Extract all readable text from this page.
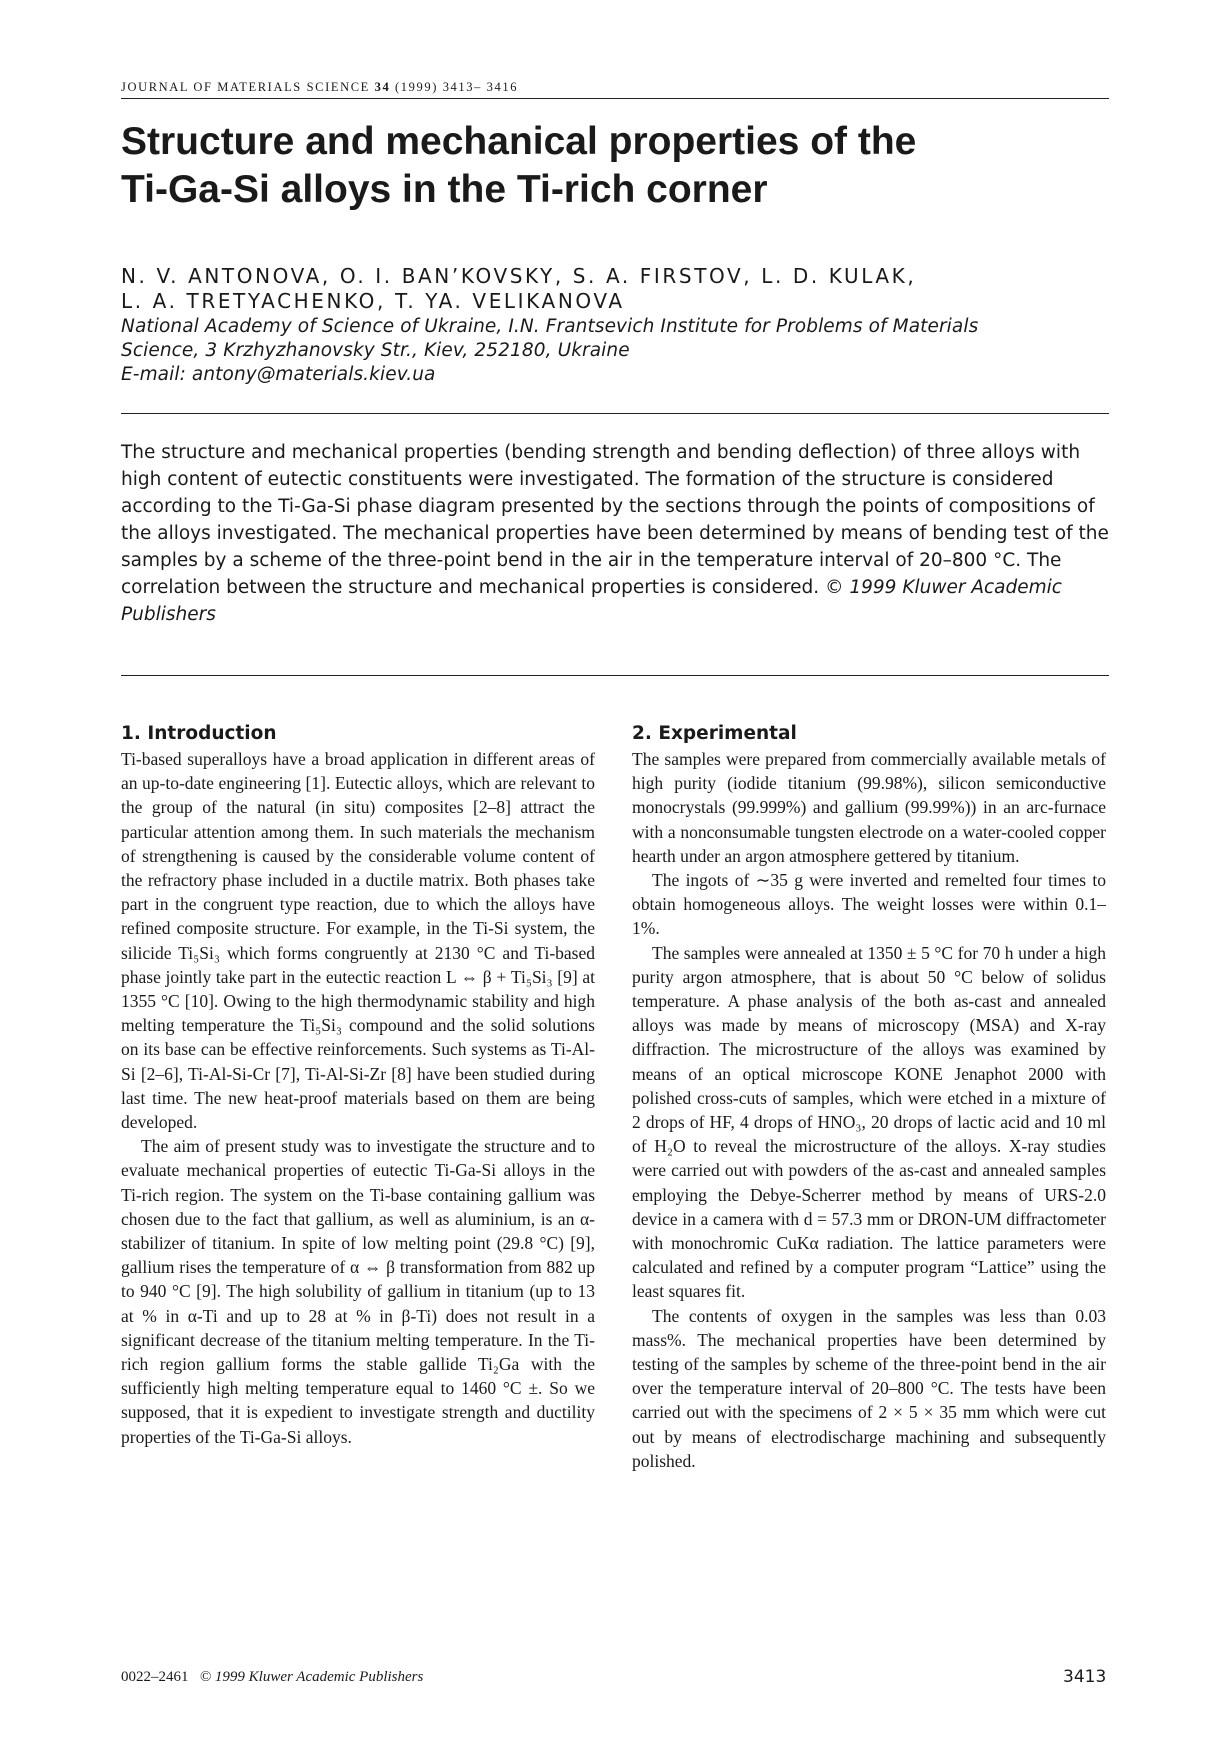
JOURNAL OF MATERIALS SCIENCE 34 (1999) 3413– 3416
Structure and mechanical properties of the
Ti-Ga-Si alloys in the Ti-rich corner
N. V. ANTONOVA, O. I. BAN’KOVSKY, S. A. FIRSTOV, L. D. KULAK,
L. A. TRETYACHENKO, T. YA. VELIKANOVA
National Academy of Science of Ukraine, I.N. Frantsevich Institute for Problems of Materials
Science, 3 Krzhyzhanovsky Str., Kiev, 252180, Ukraine
E-mail: antony@materials.kiev.ua

The structure and mechanical properties (bending strength and bending deflection) of three alloys with high content of eutectic constituents were investigated. The formation of the structure is considered according to the Ti-Ga-Si phase diagram presented by the sections through the points of compositions of the alloys investigated. The mechanical properties have been determined by means of bending test of the samples by a scheme of the three-point bend in the air in the temperature interval of 20–800 °C. The correlation between the structure and mechanical properties is considered. © 1999 Kluwer Academic Publishers

1. Introduction

Ti-based superalloys have a broad application in different areas of an up-to-date engineering [1]. Eutectic alloys, which are relevant to the group of the natural (in situ) composites [2–8] attract the particular attention among them. In such materials the mechanism of strengthening is caused by the considerable volume content of the refractory phase included in a ductile matrix. Both phases take part in the congruent type reaction, due to which the alloys have refined composite structure. For example, in the Ti-Si system, the silicide Ti₅Si₃ which forms congruently at 2130 °C and Ti-based phase jointly take part in the eutectic reaction L ⇔ β + Ti₅Si₃ [9] at 1355 °C [10]. Owing to the high thermodynamic stability and high melting temperature the Ti₅Si₃ compound and the solid solutions on its base can be effective reinforcements. Such systems as Ti-Al-Si [2–6], Ti-Al-Si-Cr [7], Ti-Al-Si-Zr [8] have been studied during last time. The new heat-proof materials based on them are being developed.

The aim of present study was to investigate the structure and to evaluate mechanical properties of eutectic Ti-Ga-Si alloys in the Ti-rich region. The system on the Ti-base containing gallium was chosen due to the fact that gallium, as well as aluminium, is an α-stabilizer of titanium. In spite of low melting point (29.8 °C) [9], gallium rises the temperature of α ⇔ β transformation from 882 up to 940 °C [9]. The high solubility of gallium in titanium (up to 13 at % in α-Ti and up to 28 at % in β-Ti) does not result in a significant decrease of the titanium melting temperature. In the Ti-rich region gallium forms the stable gallide Ti₂Ga with the sufficiently high melting temperature equal to 1460 °C ±. So we supposed, that it is expedient to investigate strength and ductility properties of the Ti-Ga-Si alloys.

2. Experimental

The samples were prepared from commercially available metals of high purity (iodide titanium (99.98%), silicon semiconductive monocrystals (99.999%) and gallium (99.99%)) in an arc-furnace with a nonconsumable tungsten electrode on a water-cooled copper hearth under an argon atmosphere gettered by titanium.

The ingots of ∼35 g were inverted and remelted four times to obtain homogeneous alloys. The weight losses were within 0.1–1%.

The samples were annealed at 1350 ± 5 °C for 70 h under a high purity argon atmosphere, that is about 50 °C below of solidus temperature. A phase analysis of the both as-cast and annealed alloys was made by means of microscopy (MSA) and X-ray diffraction. The microstructure of the alloys was examined by means of an optical microscope KONE Jenaphot 2000 with polished cross-cuts of samples, which were etched in a mixture of 2 drops of HF, 4 drops of HNO₃, 20 drops of lactic acid and 10 ml of H₂O to reveal the microstructure of the alloys. X-ray studies were carried out with powders of the as-cast and annealed samples employing the Debye-Scherrer method by means of URS-2.0 device in a camera with d = 57.3 mm or DRON-UM diffractometer with monochromic CuKα radiation. The lattice parameters were calculated and refined by a computer program “Lattice” using the least squares fit.

The contents of oxygen in the samples was less than 0.03 mass%. The mechanical properties have been determined by testing of the samples by scheme of the three-point bend in the air over the temperature interval of 20–800 °C. The tests have been carried out with the specimens of 2 × 5 × 35 mm which were cut out by means of electrodischarge machining and subsequently polished.

0022–2461 © 1999 Kluwer Academic Publishers	3413
